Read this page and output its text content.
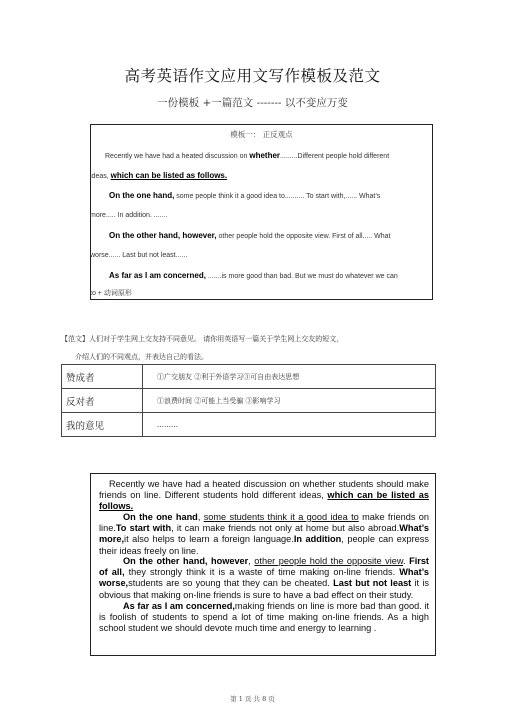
高考英语作文应用文写作模板及范文
一份模板 +一篇范文 ------- 以不变应万变
模板一： 正反观点
Recently we have had a heated discussion on whether.........Different people hold different
ideas, which can be listed as follows.
On the one hand, some people think it a good idea to.......... To start with,...... What’s
more..... In addition. .......
On the other hand, however, other people hold the opposite view. First of all..... What
worse...... Last but not least......
As far as I am concerned, .......is more good than bad. But we must do whatever we can
to + 动词原形
【范文】人们对于学生网上交友持不同意见。 请你用英语写一篇关于学生网上交友的短文，
介绍人们的不同观点，并表达自己的看法。
赞成者	①广交朋友 ②利于外语学习③可自由表达思想
反对者	①浪费时间 ②可能上当受骗 ③影响学习
我的意见	………

Recently we have had a heated discussion on whether students should make friends on line. Different students hold different ideas, which can be listed as follows.

On the one hand, some students think it a good idea to make friends on line.To start with, it can make friends not only at home but also abroad.What’s more,it also helps to learn a foreign language.In addition, people can express their ideas freely on line.

On the other hand, however, other people hold the opposite view. First of all, they strongly think it is a waste of time making on-line friends. What’s worse,students are so young that they can be cheated. Last but not least it is obvious that making on-line friends is sure to have a bad effect on their study.

As far as I am concerned,making friends on line is more bad than good. it is foolish of students to spend a lot of time making on-line friends. As a high school student we should devote much time and energy to learning .

第 1 页 共 8 页
